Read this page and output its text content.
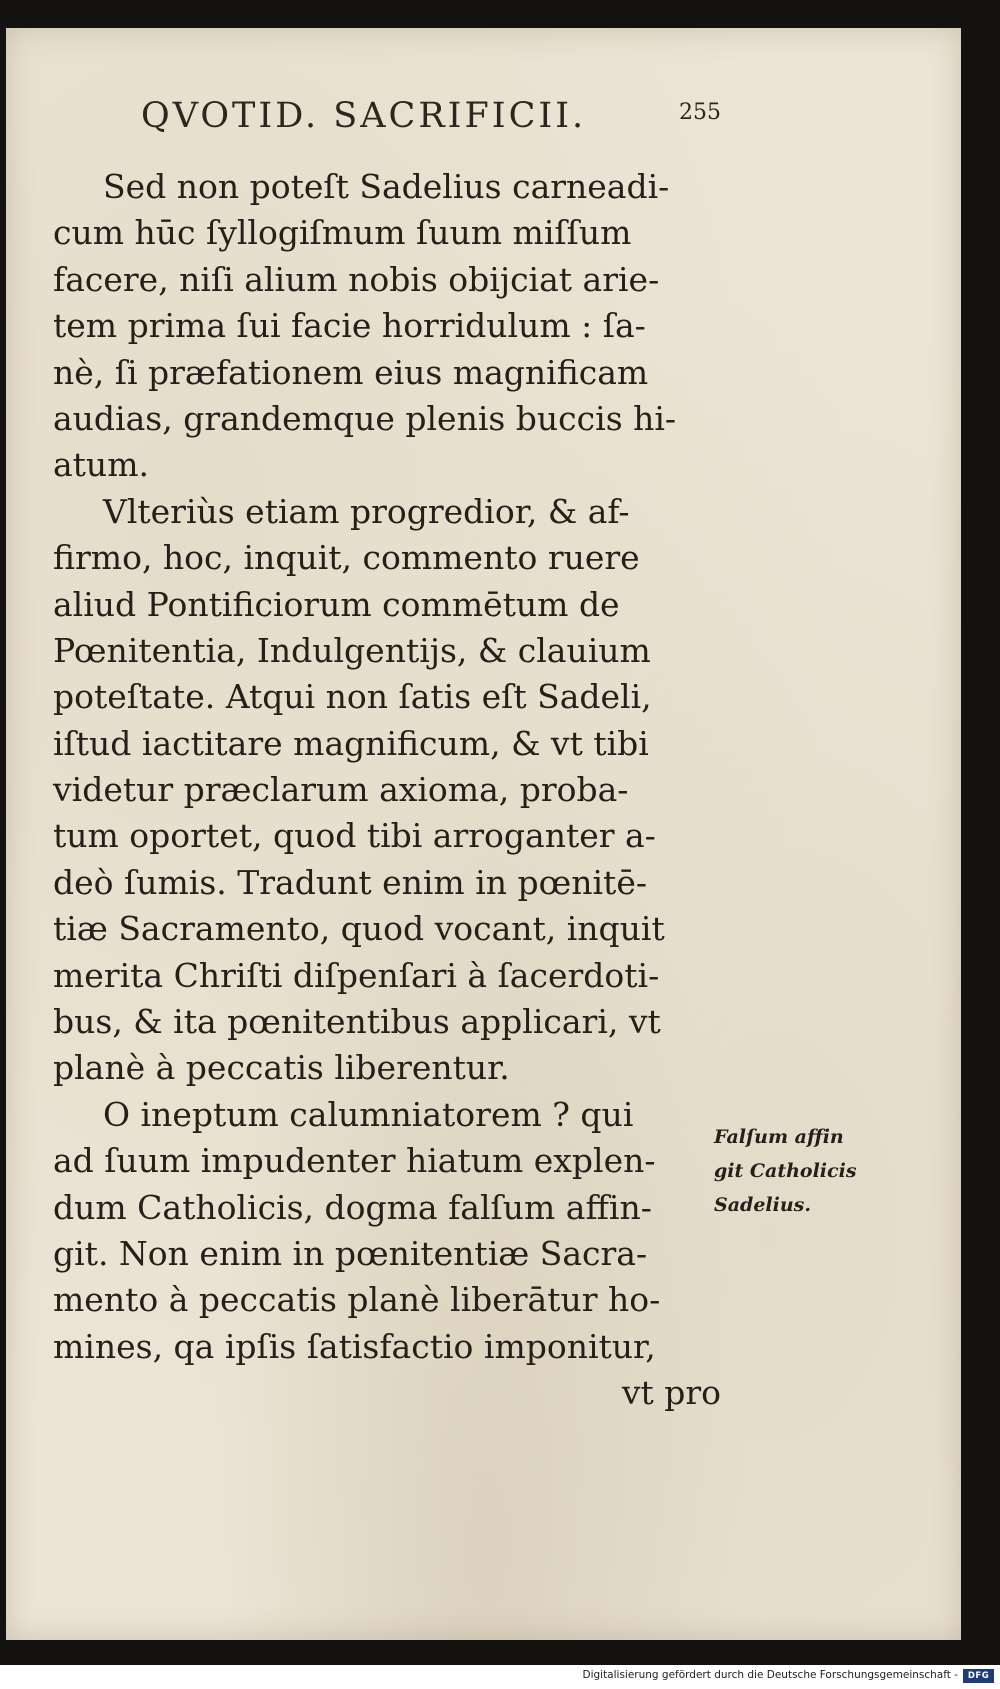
QVOTID. SACRIFICII.	255
Sed non poteſt Sadelius carneadi-
cum hūc ſyllogiſmum ſuum miſſum
facere, niſi alium nobis obijciat arie-
tem prima ſui facie horridulum : ſa-
nè, ſi præfationem eius magnificam
audias, grandemque plenis buccis hi-
atum.
Vlteriùs etiam progredior, & af-
firmo, hoc, inquit, commento ruere
aliud Pontificiorum commētum de
Pœnitentia, Indulgentijs, & clauium
poteſtate. Atqui non ſatis eſt Sadeli,
iſtud iactitare magnificum, & vt tibi
videtur præclarum axioma, proba-
tum oportet, quod tibi arroganter a-
deò ſumis. Tradunt enim in pœnitē-
tiæ Sacramento, quod vocant, inquit
merita Chriſti diſpenſari à ſacerdoti-
bus, & ita pœnitentibus applicari, vt
planè à peccatis liberentur.
O ineptum calumniatorem ? qui
ad ſuum impudenter hiatum explen-
dum Catholicis, dogma falſum affin-
git. Non enim in pœnitentiæ Sacra-
mento à peccatis planè liberātur ho-
mines, qa ipſis ſatisfactio imponitur,
vt pro
Falſum affin
git Catholicis
Sadelius.
Digitalisierung gefördert durch die Deutsche Forschungsgemeinschaft -	DFG
